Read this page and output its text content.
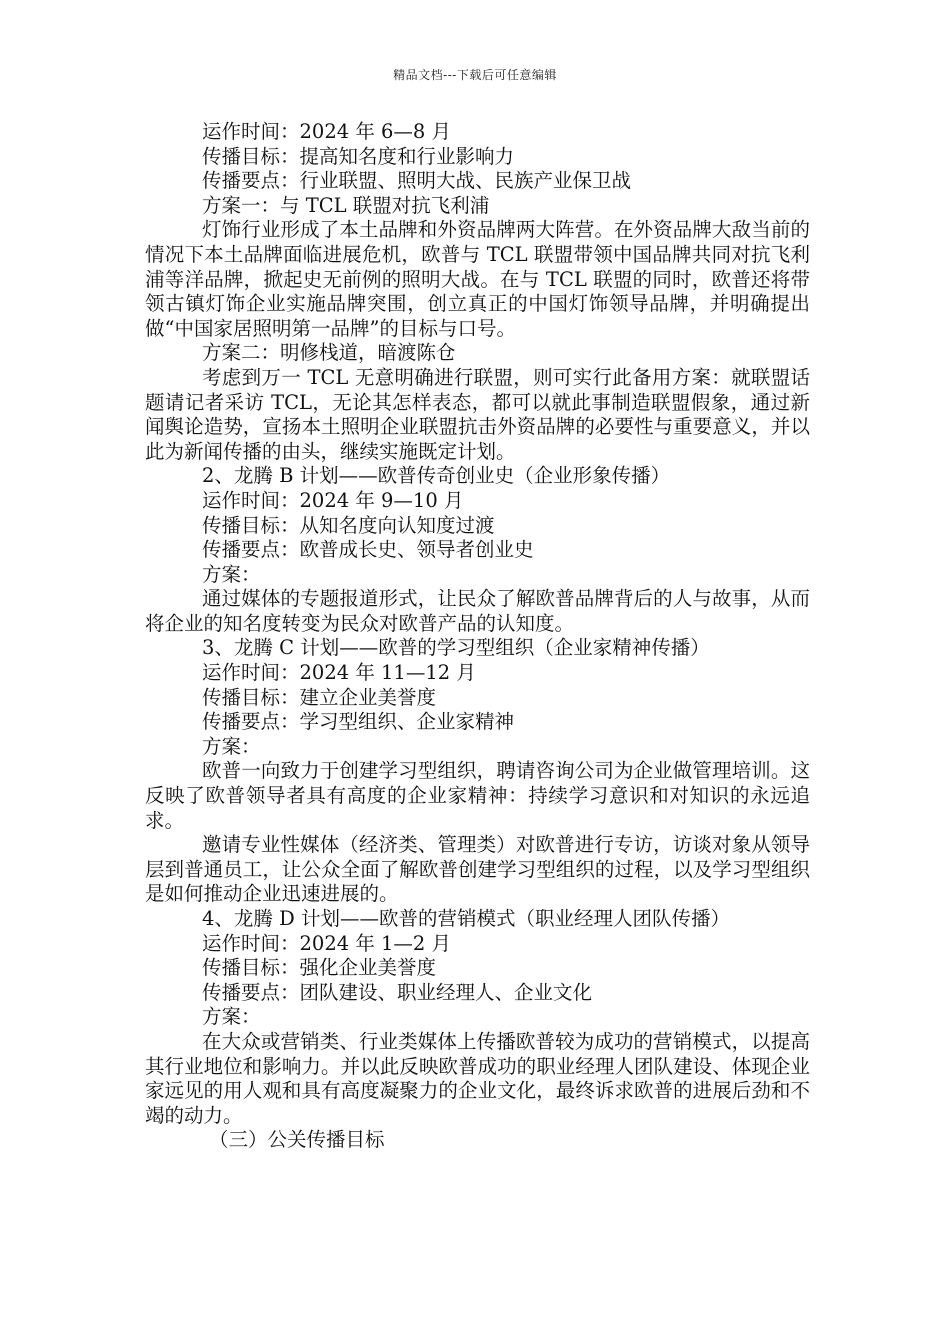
精品文档---下载后可任意编辑

运作时间：2024 年 6—8 月

传播目标：提高知名度和行业影响力

传播要点：行业联盟、照明大战、民族产业保卫战

方案一：与 TCL 联盟对抗飞利浦

灯饰行业形成了本土品牌和外资品牌两大阵营。在外资品牌大敌当前的情况下本土品牌面临进展危机，欧普与 TCL 联盟带领中国品牌共同对抗飞利浦等洋品牌，掀起史无前例的照明大战。在与 TCL 联盟的同时，欧普还将带领古镇灯饰企业实施品牌突围，创立真正的中国灯饰领导品牌，并明确提出做“中国家居照明第一品牌”的目标与口号。

方案二：明修栈道，暗渡陈仓

考虑到万一 TCL 无意明确进行联盟，则可实行此备用方案：就联盟话题请记者采访 TCL，无论其怎样表态，都可以就此事制造联盟假象，通过新闻舆论造势，宣扬本土照明企业联盟抗击外资品牌的必要性与重要意义，并以此为新闻传播的由头，继续实施既定计划。

2、龙腾 B 计划——欧普传奇创业史（企业形象传播）

运作时间：2024 年 9—10 月

传播目标：从知名度向认知度过渡

传播要点：欧普成长史、领导者创业史

方案：

通过媒体的专题报道形式，让民众了解欧普品牌背后的人与故事，从而将企业的知名度转变为民众对欧普产品的认知度。

3、龙腾 C 计划——欧普的学习型组织（企业家精神传播）

运作时间：2024 年 11—12 月

传播目标：建立企业美誉度

传播要点：学习型组织、企业家精神

方案：

欧普一向致力于创建学习型组织，聘请咨询公司为企业做管理培训。这反映了欧普领导者具有高度的企业家精神：持续学习意识和对知识的永远追求。

邀请专业性媒体（经济类、管理类）对欧普进行专访，访谈对象从领导层到普通员工，让公众全面了解欧普创建学习型组织的过程，以及学习型组织是如何推动企业迅速进展的。

4、龙腾 D 计划——欧普的营销模式（职业经理人团队传播）

运作时间：2024 年 1—2 月

传播目标：强化企业美誉度

传播要点：团队建设、职业经理人、企业文化

方案：

在大众或营销类、行业类媒体上传播欧普较为成功的营销模式，以提高其行业地位和影响力。并以此反映欧普成功的职业经理人团队建设、体现企业家远见的用人观和具有高度凝聚力的企业文化，最终诉求欧普的进展后劲和不竭的动力。

（三）公关传播目标
